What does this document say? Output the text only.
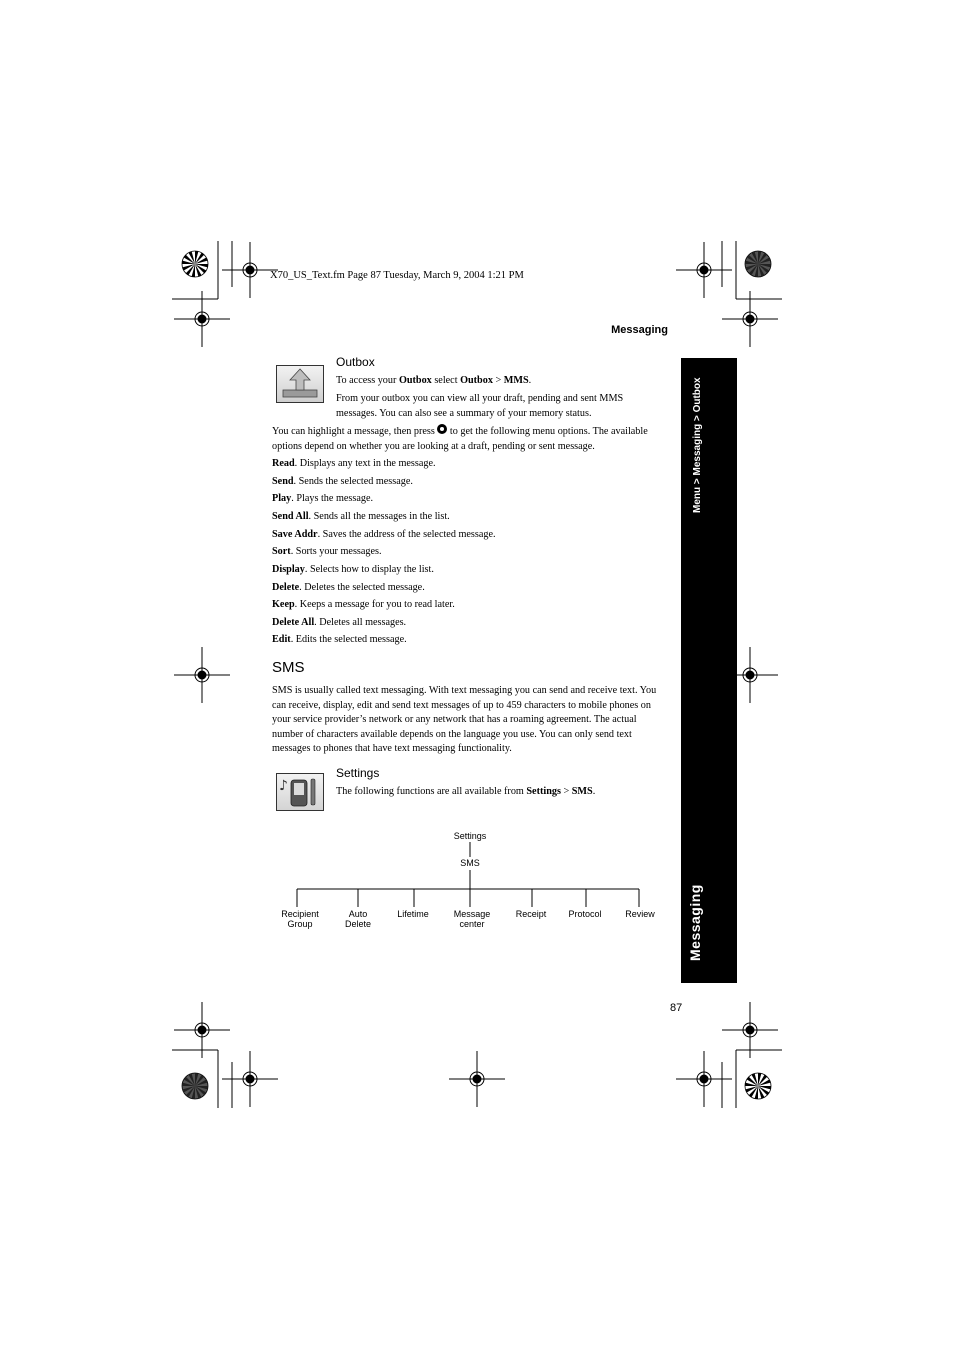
X70_US_Text.fm Page 87 Tuesday, March 9, 2004 1:21 PM
Messaging
Menu > Messaging > Outbox
Messaging
Outbox
To access your Outbox select Outbox > MMS.
From your outbox you can view all your draft, pending and sent MMS messages. You can also see a summary of your memory status.
You can highlight a message, then press
to get the following menu options. The available options depend on whether you are looking at a draft, pending or sent message.
Read. Displays any text in the message.
Send. Sends the selected message.
Play. Plays the message.
Send All. Sends all the messages in the list.
Save Addr. Saves the address of the selected message.
Sort. Sorts your messages.
Display. Selects how to display the list.
Delete. Deletes the selected message.
Keep. Keeps a message for you to read later.
Delete All. Deletes all messages.
Edit. Edits the selected message.
SMS
SMS is usually called text messaging. With text messaging you can send and receive text. You can receive, display, edit and send text messages of up to 459 characters to mobile phones on your service provider’s network or any network that has a roaming agreement. The actual number of characters available depends on the language you use. You can only send text messages to phones that have text messaging functionality.
♪
Settings
The following functions are all available from Settings > SMS.
Settings
SMS
Recipient
Group
Auto
Delete
Lifetime	Message
center
Receipt	Protocol	Review
87
